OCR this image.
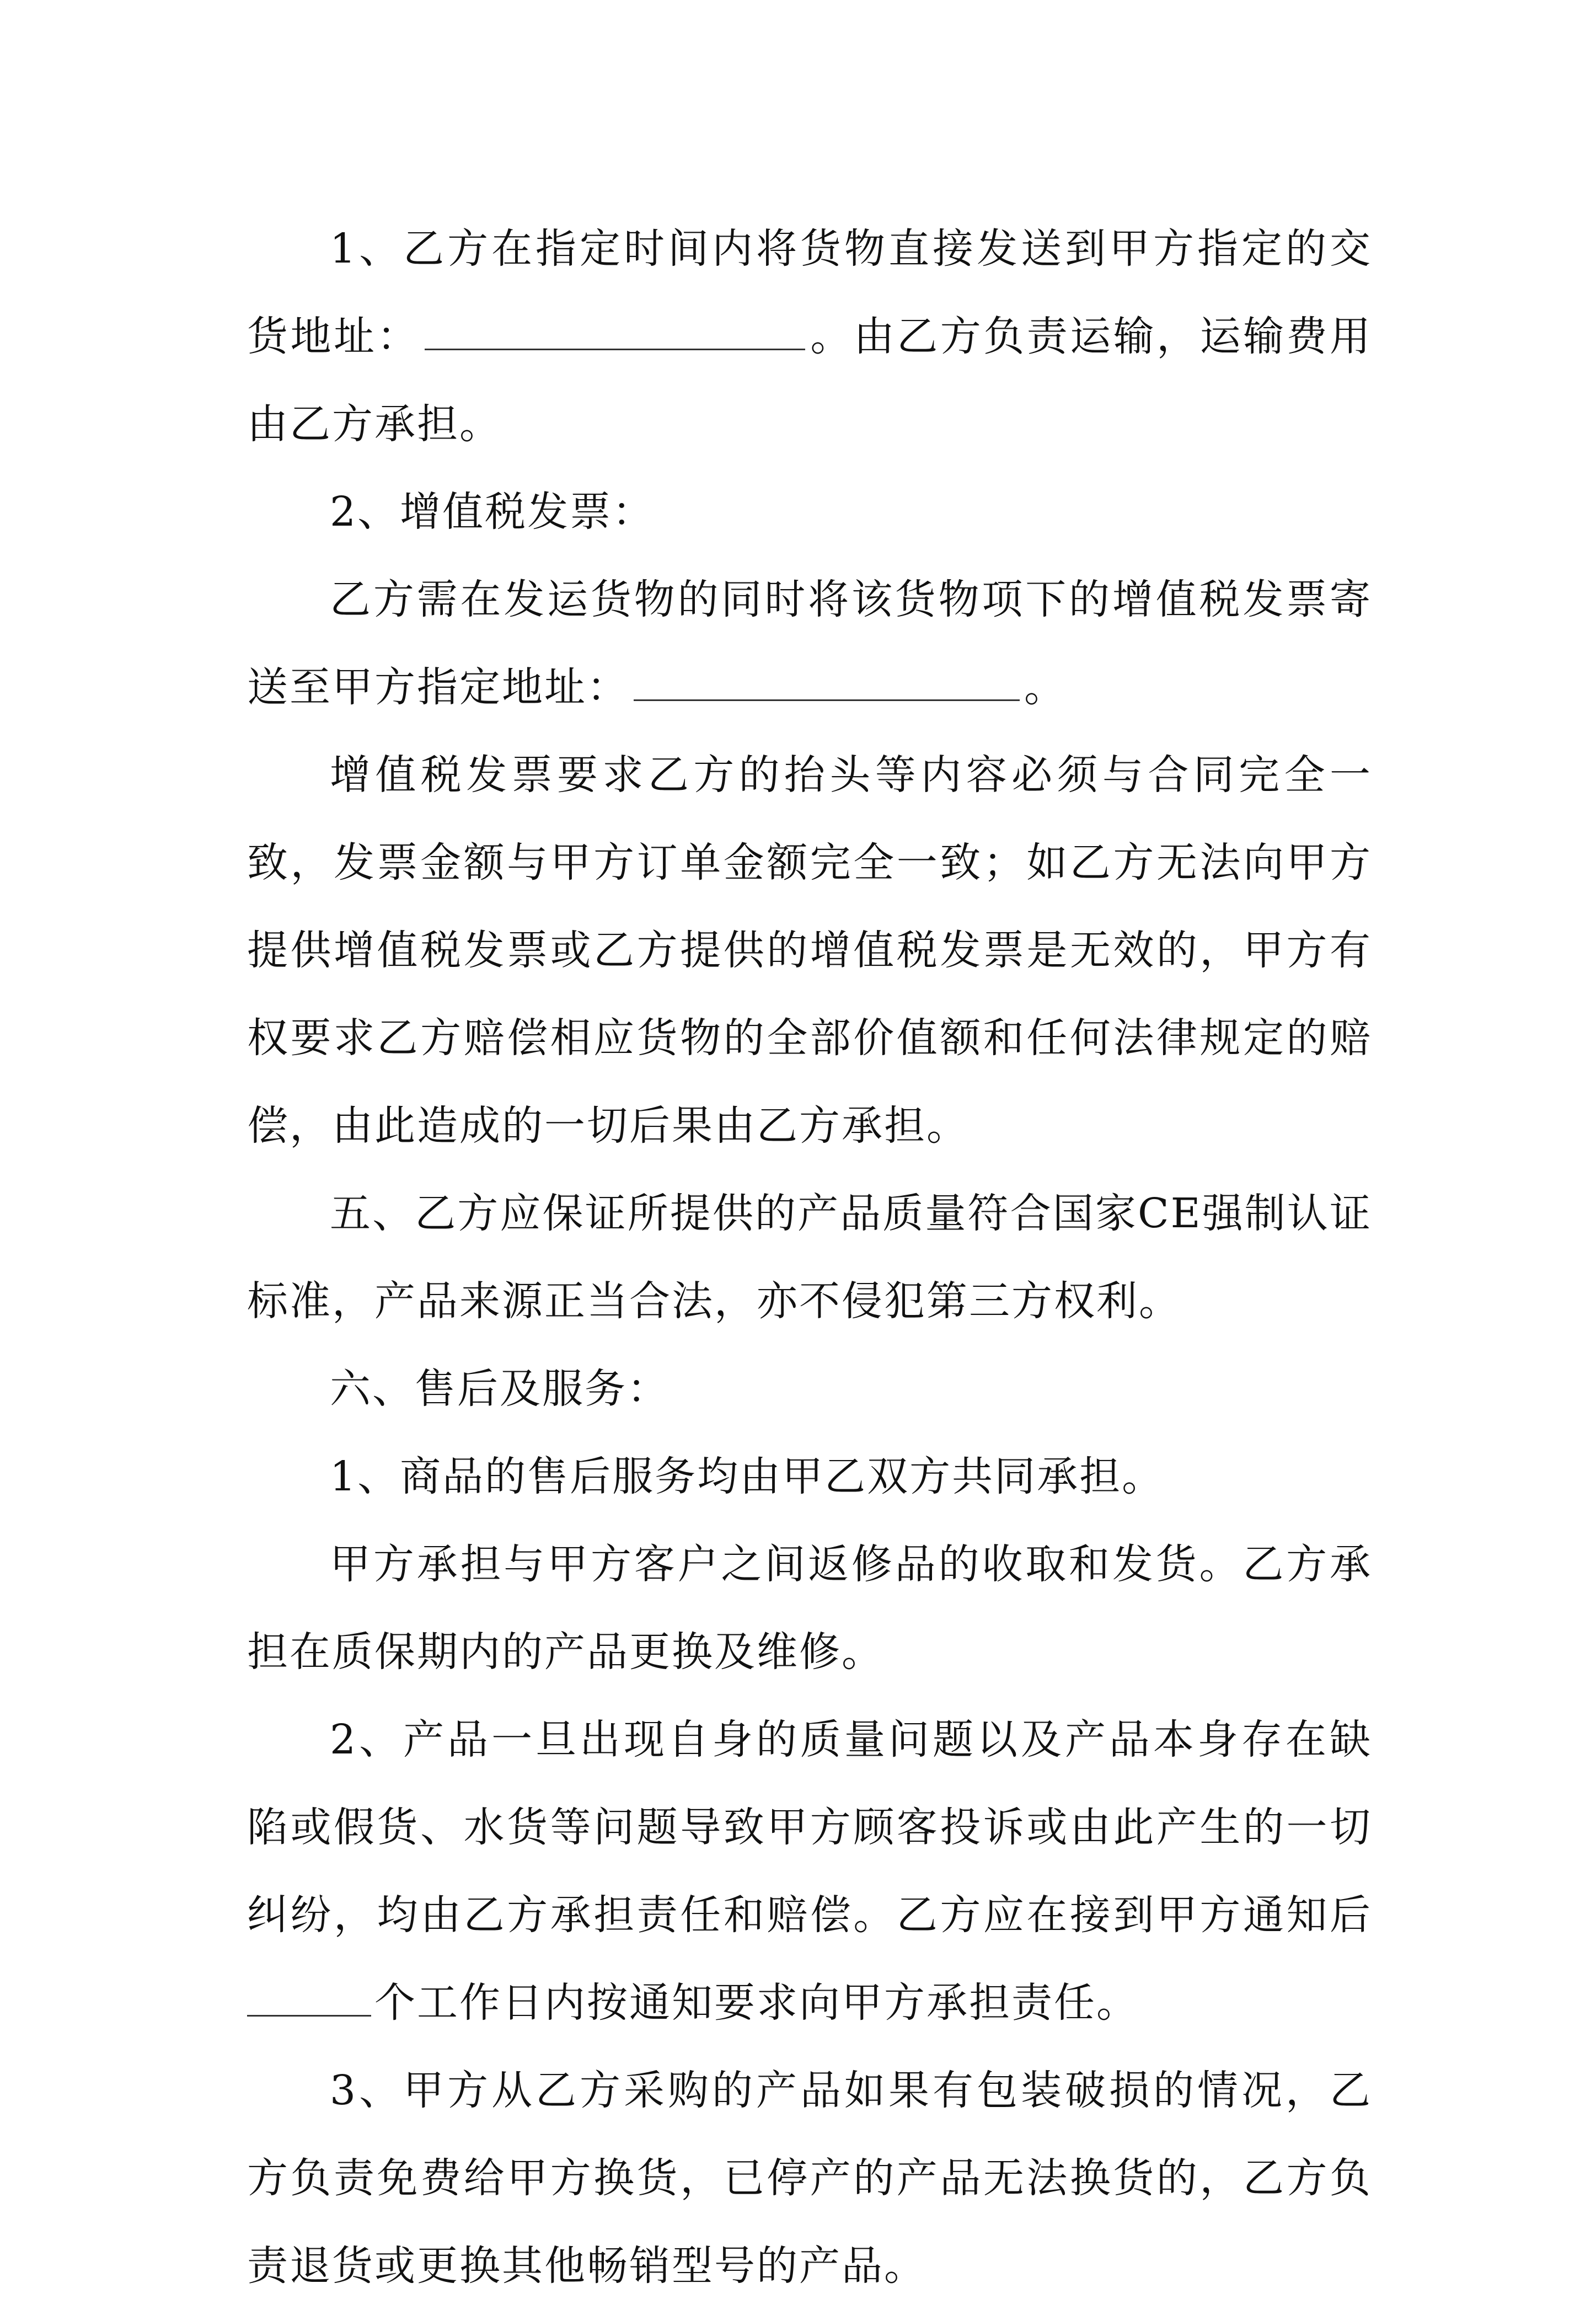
1、乙方在指定时间内将货物直接发送到甲方指定的交货地址：	。由乙方负责运输，运输费用由乙方承担。

2、增值税发票：

乙方需在发运货物的同时将该货物项下的增值税发票寄送至甲方指定地址：	。

增值税发票要求乙方的抬头等内容必须与合同完全一致，发票金额与甲方订单金额完全一致；如乙方无法向甲方提供增值税发票或乙方提供的增值税发票是无效的，甲方有权要求乙方赔偿相应货物的全部价值额和任何法律规定的赔偿，由此造成的一切后果由乙方承担。

五、乙方应保证所提供的产品质量符合国家CE强制认证标准，产品来源正当合法，亦不侵犯第三方权利。

六、售后及服务：

1、商品的售后服务均由甲乙双方共同承担。

甲方承担与甲方客户之间返修品的收取和发货。乙方承担在质保期内的产品更换及维修。

2、产品一旦出现自身的质量问题以及产品本身存在缺陷或假货、水货等问题导致甲方顾客投诉或由此产生的一切纠纷，均由乙方承担责任和赔偿。乙方应在接到甲方通知后个工作日内按通知要求向甲方承担责任。

3、甲方从乙方采购的产品如果有包装破损的情况，乙方负责免费给甲方换货，已停产的产品无法换货的，乙方负责退货或更换其他畅销型号的产品。
